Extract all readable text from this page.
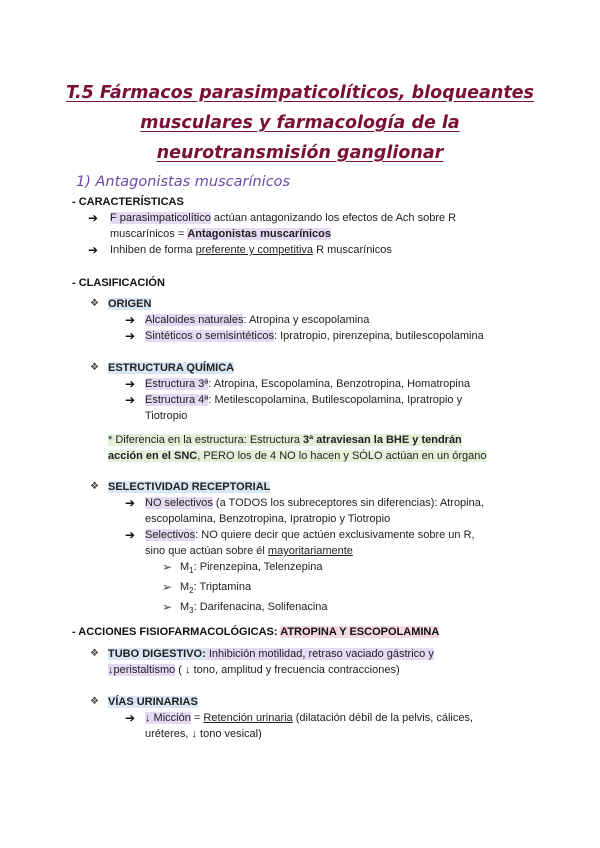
T.5 Fármacos parasimpaticolíticos, bloqueantes
musculares y farmacología de la
neurotransmisión ganglionar
1) Antagonistas muscarínicos
- CARACTERÍSTICAS
➔ F parasimpaticolítico actúan antagonizando los efectos de Ach sobre R
muscarínicos = Antagonistas muscarínicos
➔ Inhiben de forma preferente y competitiva R muscarínicos
- CLASIFICACIÓN
❖ ORIGEN
➔ Alcaloides naturales: Atropina y escopolamina
➔ Sintéticos o semisintéticos: Ipratropio, pirenzepina, butilescopolamina
❖ ESTRUCTURA QUÍMICA
➔ Estructura 3ª: Atropina, Escopolamina, Benzotropina, Homatropina
➔ Estructura 4ª: Metilescopolamina, Butilescopolamina, Ipratropio y
Tiotropio
* Diferencia en la estructura: Estructura 3ª atraviesan la BHE y tendrán
acción en el SNC, PERO los de 4 NO lo hacen y SÓLO actúan en un órgano
❖ SELECTIVIDAD RECEPTORIAL
➔ NO selectivos (a TODOS los subreceptores sin diferencias): Atropina,
escopolamina, Benzotropina, Ipratropio y Tiotropio
➔ Selectivos: NO quiere decir que actúen exclusivamente sobre un R,
sino que actúan sobre él mayoritariamente
➢ $M_1$: Pirenzepina, Telenzepina
➢ $M_2$: Triptamina
➢ $M_3$: Darifenacina, Solifenacina
- ACCIONES FISIOFARMACOLÓGICAS: ATROPINA Y ESCOPOLAMINA
❖ TUBO DIGESTIVO: Inhibición motilidad, retraso vaciado gástrico y
↓peristaltismo ( ↓ tono, amplitud y frecuencia contracciones)
❖ VÍAS URINARIAS
➔ ↓ Micción = Retención urinaria (dilatación débil de la pelvis, cálices,
uréteres, ↓ tono vesical)
